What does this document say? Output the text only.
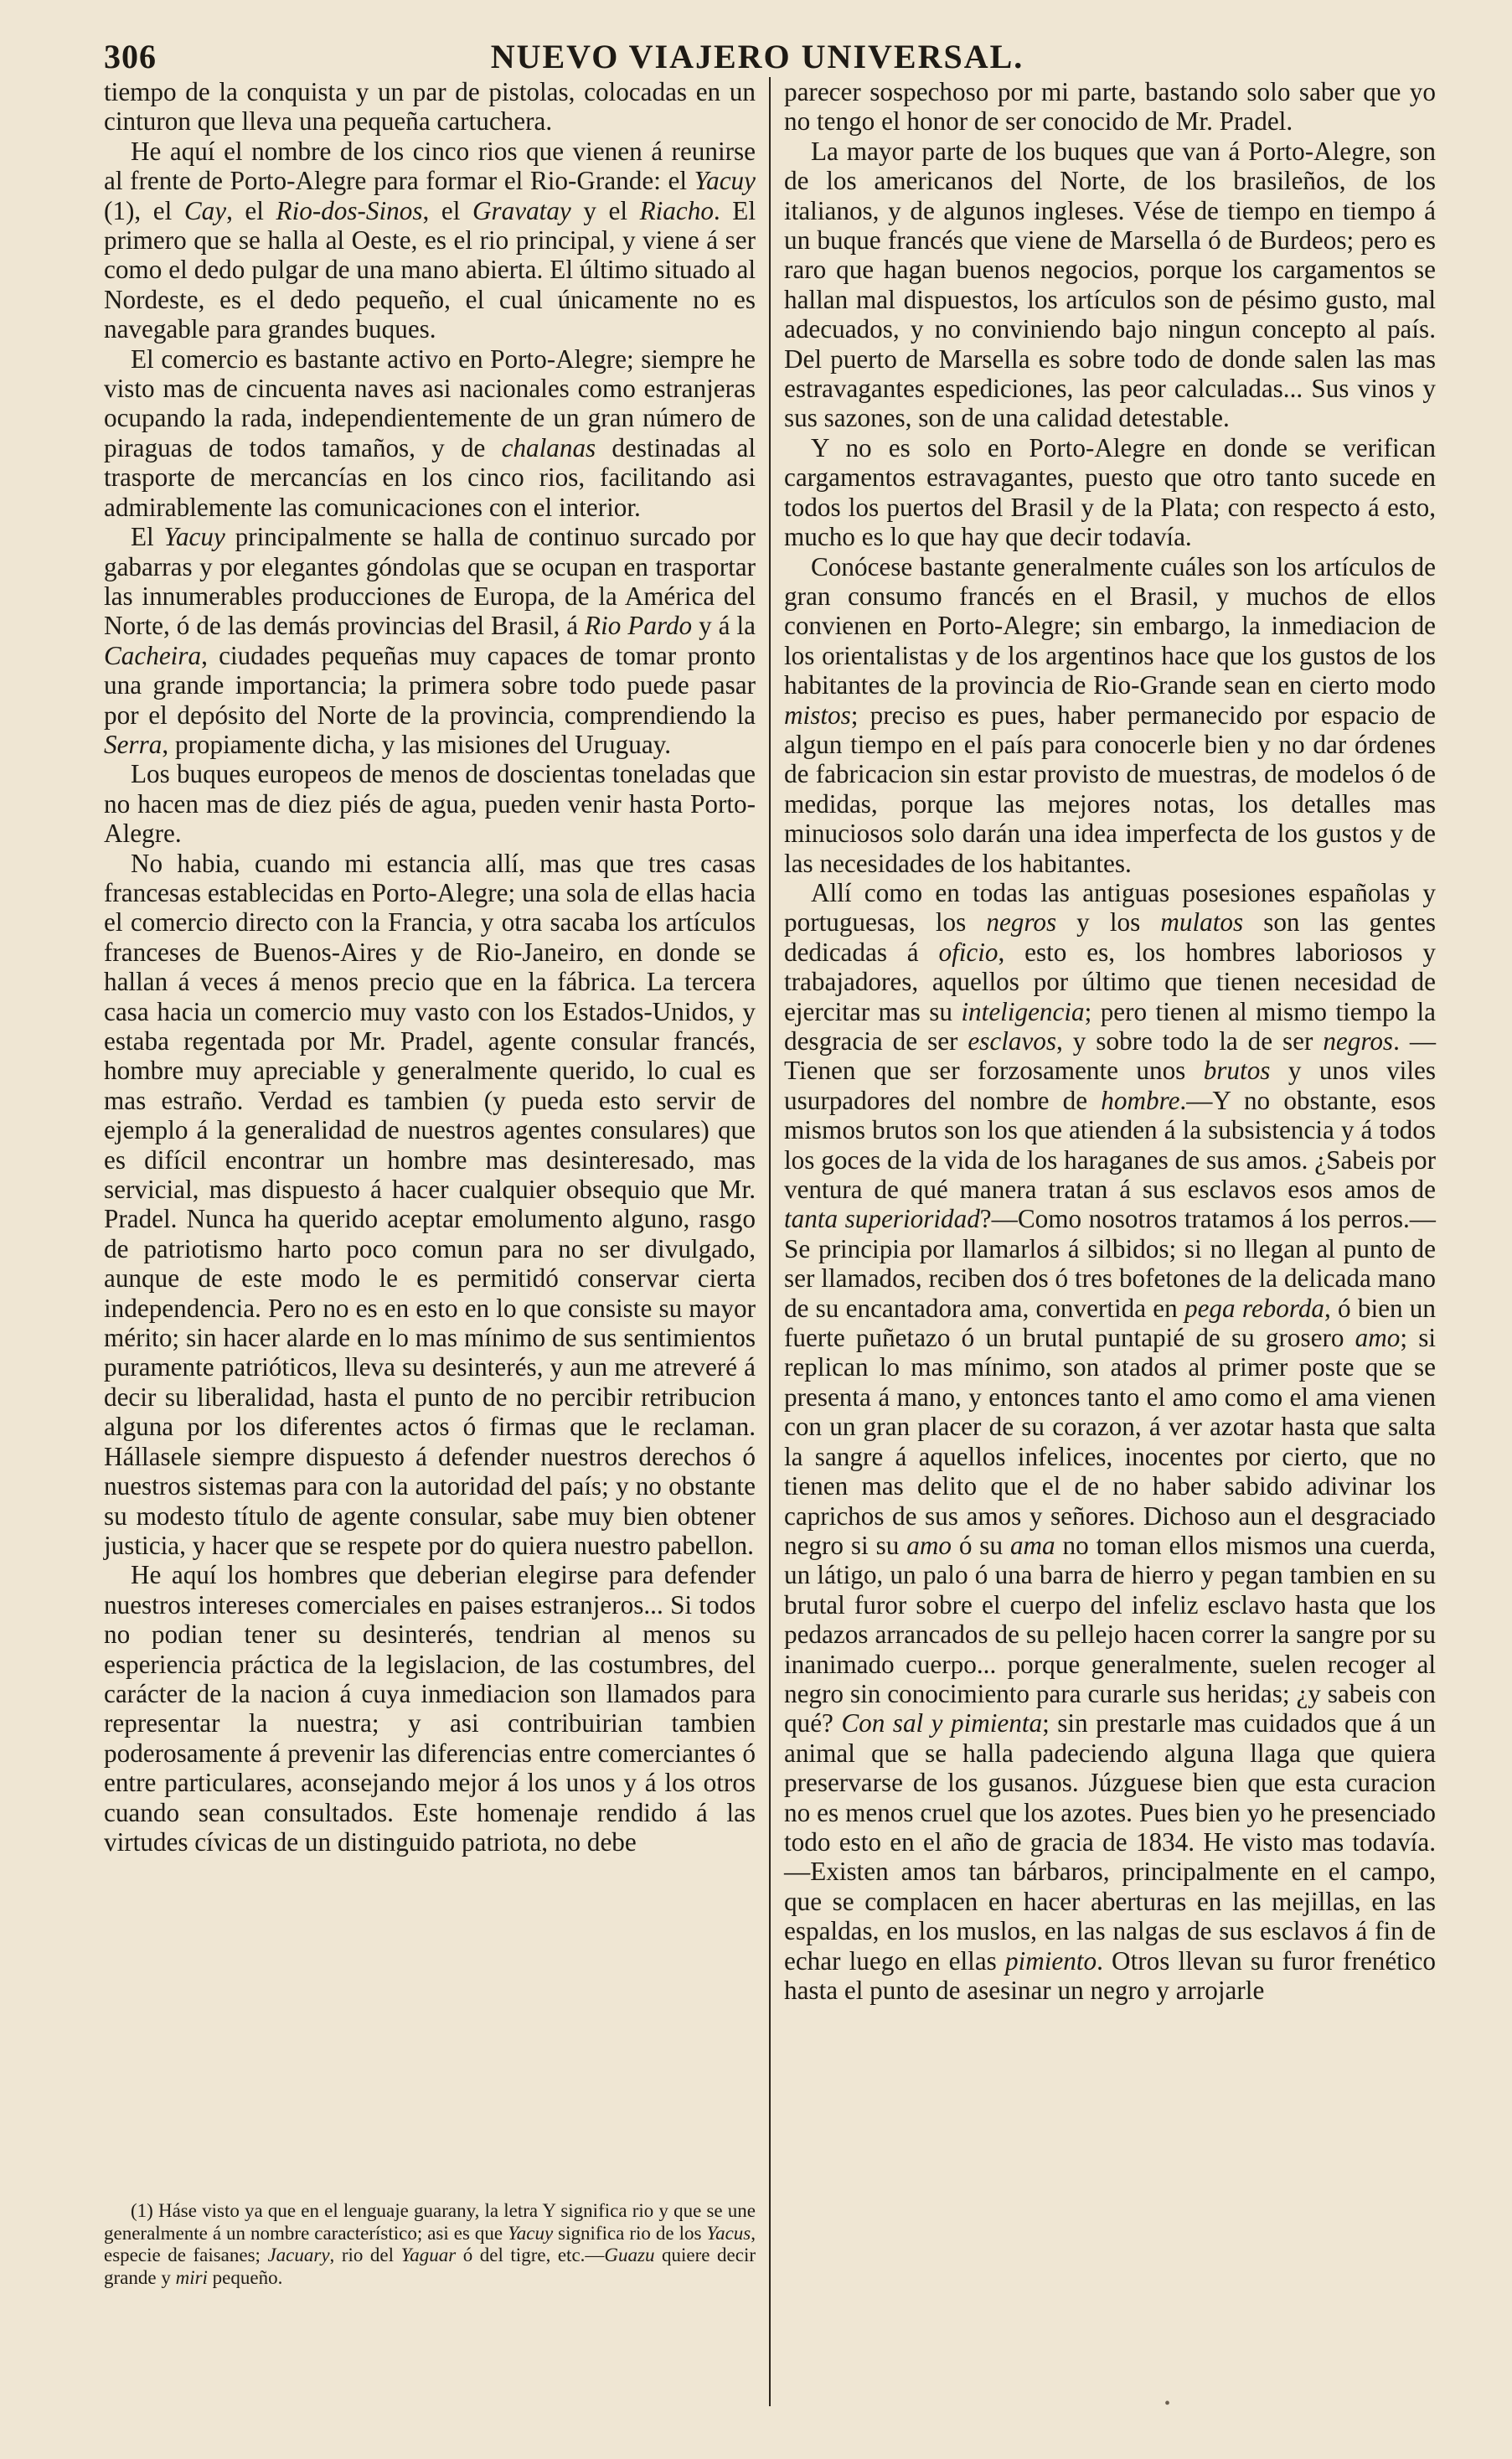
306	NUEVO VIAJERO UNIVERSAL.

tiempo de la conquista y un par de pistolas, colocadas en un cinturon que lleva una pequeña cartuchera.

He aquí el nombre de los cinco rios que vienen á reunirse al frente de Porto-Alegre para formar el Rio-Grande: el Yacuy (1), el Cay, el Rio-dos-Sinos, el Gravatay y el Riacho. El primero que se halla al Oeste, es el rio principal, y viene á ser como el dedo pulgar de una mano abierta. El último situado al Nordeste, es el dedo pequeño, el cual únicamente no es navegable para grandes buques.

El comercio es bastante activo en Porto-Alegre; siempre he visto mas de cincuenta naves asi nacionales como estranjeras ocupando la rada, independientemente de un gran número de piraguas de todos tamaños, y de chalanas destinadas al trasporte de mercancías en los cinco rios, facilitando asi admirablemente las comunicaciones con el interior.

El Yacuy principalmente se halla de continuo surcado por gabarras y por elegantes góndolas que se ocupan en trasportar las innumerables producciones de Europa, de la América del Norte, ó de las demás provincias del Brasil, á Rio Pardo y á la Cacheira, ciudades pequeñas muy capaces de tomar pronto una grande importancia; la primera sobre todo puede pasar por el depósito del Norte de la provincia, comprendiendo la Serra, propiamente dicha, y las misiones del Uruguay.

Los buques europeos de menos de doscientas toneladas que no hacen mas de diez piés de agua, pueden venir hasta Porto-Alegre.

No habia, cuando mi estancia allí, mas que tres casas francesas establecidas en Porto-Alegre; una sola de ellas hacia el comercio directo con la Francia, y otra sacaba los artículos franceses de Buenos-Aires y de Rio-Janeiro, en donde se hallan á veces á menos precio que en la fábrica. La tercera casa hacia un comercio muy vasto con los Estados-Unidos, y estaba regentada por Mr. Pradel, agente consular francés, hombre muy apreciable y generalmente querido, lo cual es mas estraño. Verdad es tambien (y pueda esto servir de ejemplo á la generalidad de nuestros agentes consulares) que es difícil encontrar un hombre mas desinteresado, mas servicial, mas dispuesto á hacer cualquier obsequio que Mr. Pradel. Nunca ha querido aceptar emolumento alguno, rasgo de patriotismo harto poco comun para no ser divulgado, aunque de este modo le es permitidó conservar cierta independencia. Pero no es en esto en lo que consiste su mayor mérito; sin hacer alarde en lo mas mínimo de sus sentimientos puramente patrióticos, lleva su desinterés, y aun me atreveré á decir su liberalidad, hasta el punto de no percibir retribucion alguna por los diferentes actos ó firmas que le reclaman. Hállasele siempre dispuesto á defender nuestros derechos ó nuestros sistemas para con la autoridad del país; y no obstante su modesto título de agente consular, sabe muy bien obtener justicia, y hacer que se respete por do quiera nuestro pabellon.

He aquí los hombres que deberian elegirse para defender nuestros intereses comerciales en paises estranjeros... Si todos no podian tener su desinterés, tendrian al menos su esperiencia práctica de la legislacion, de las costumbres, del carácter de la nacion á cuya inmediacion son llamados para representar la nuestra; y asi contribuirian tambien poderosamente á prevenir las diferencias entre comerciantes ó entre particulares, aconsejando mejor á los unos y á los otros cuando sean consultados. Este homenaje rendido á las virtudes cívicas de un distinguido patriota, no debe

(1) Háse visto ya que en el lenguaje guarany, la letra Y significa rio y que se une generalmente á un nombre característico; asi es que Yacuy significa rio de los Yacus, especie de faisanes; Jacuary, rio del Yaguar ó del tigre, etc.—Guazu quiere decir grande y miri pequeño.

parecer sospechoso por mi parte, bastando solo saber que yo no tengo el honor de ser conocido de Mr. Pradel.

La mayor parte de los buques que van á Porto-Alegre, son de los americanos del Norte, de los brasileños, de los italianos, y de algunos ingleses. Vése de tiempo en tiempo á un buque francés que viene de Marsella ó de Burdeos; pero es raro que hagan buenos negocios, porque los cargamentos se hallan mal dispuestos, los artículos son de pésimo gusto, mal adecuados, y no conviniendo bajo ningun concepto al país. Del puerto de Marsella es sobre todo de donde salen las mas estravagantes espediciones, las peor calculadas... Sus vinos y sus sazones, son de una calidad detestable.

Y no es solo en Porto-Alegre en donde se verifican cargamentos estravagantes, puesto que otro tanto sucede en todos los puertos del Brasil y de la Plata; con respecto á esto, mucho es lo que hay que decir todavía.

Conócese bastante generalmente cuáles son los artículos de gran consumo francés en el Brasil, y muchos de ellos convienen en Porto-Alegre; sin embargo, la inmediacion de los orientalistas y de los argentinos hace que los gustos de los habitantes de la provincia de Rio-Grande sean en cierto modo mistos; preciso es pues, haber permanecido por espacio de algun tiempo en el país para conocerle bien y no dar órdenes de fabricacion sin estar provisto de muestras, de modelos ó de medidas, porque las mejores notas, los detalles mas minuciosos solo darán una idea imperfecta de los gustos y de las necesidades de los habitantes.

Allí como en todas las antiguas posesiones españolas y portuguesas, los negros y los mulatos son las gentes dedicadas á oficio, esto es, los hombres laboriosos y trabajadores, aquellos por último que tienen necesidad de ejercitar mas su inteligencia; pero tienen al mismo tiempo la desgracia de ser esclavos, y sobre todo la de ser negros. —Tienen que ser forzosamente unos brutos y unos viles usurpadores del nombre de hombre.—Y no obstante, esos mismos brutos son los que atienden á la subsistencia y á todos los goces de la vida de los haraganes de sus amos. ¿Sabeis por ventura de qué manera tratan á sus esclavos esos amos de tanta superioridad?—Como nosotros tratamos á los perros.—Se principia por llamarlos á silbidos; si no llegan al punto de ser llamados, reciben dos ó tres bofetones de la delicada mano de su encantadora ama, convertida en pega reborda, ó bien un fuerte puñetazo ó un brutal puntapié de su grosero amo; si replican lo mas mínimo, son atados al primer poste que se presenta á mano, y entonces tanto el amo como el ama vienen con un gran placer de su corazon, á ver azotar hasta que salta la sangre á aquellos infelices, inocentes por cierto, que no tienen mas delito que el de no haber sabido adivinar los caprichos de sus amos y señores. Dichoso aun el desgraciado negro si su amo ó su ama no toman ellos mismos una cuerda, un látigo, un palo ó una barra de hierro y pegan tambien en su brutal furor sobre el cuerpo del infeliz esclavo hasta que los pedazos arrancados de su pellejo hacen correr la sangre por su inanimado cuerpo... porque generalmente, suelen recoger al negro sin conocimiento para curarle sus heridas; ¿y sabeis con qué? Con sal y pimienta; sin prestarle mas cuidados que á un animal que se halla padeciendo alguna llaga que quiera preservarse de los gusanos. Júzguese bien que esta curacion no es menos cruel que los azotes. Pues bien yo he presenciado todo esto en el año de gracia de 1834. He visto mas todavía.—Existen amos tan bárbaros, principalmente en el campo, que se complacen en hacer aberturas en las mejillas, en las espaldas, en los muslos, en las nalgas de sus esclavos á fin de echar luego en ellas pimiento. Otros llevan su furor frenético hasta el punto de asesinar un negro y arrojarle

•
